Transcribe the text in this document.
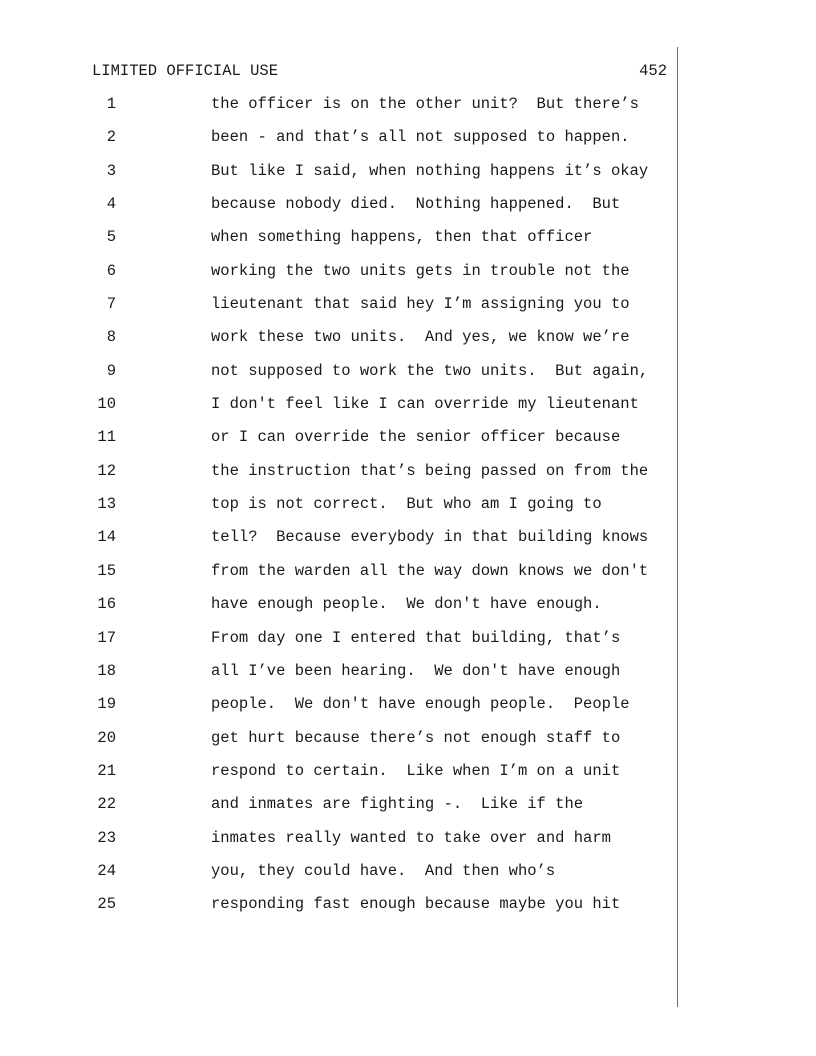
LIMITED OFFICIAL USE	452
1	the officer is on the other unit?  But there’s
2	been - and that’s all not supposed to happen.
3	But like I said, when nothing happens it’s okay
4	because nobody died.  Nothing happened.  But
5	when something happens, then that officer
6	working the two units gets in trouble not the
7	lieutenant that said hey I’m assigning you to
8	work these two units.  And yes, we know we’re
9	not supposed to work the two units.  But again,
10	I don't feel like I can override my lieutenant
11	or I can override the senior officer because
12	the instruction that’s being passed on from the
13	top is not correct.  But who am I going to
14	tell?  Because everybody in that building knows
15	from the warden all the way down knows we don't
16	have enough people.  We don't have enough.
17	From day one I entered that building, that’s
18	all I’ve been hearing.  We don't have enough
19	people.  We don't have enough people.  People
20	get hurt because there’s not enough staff to
21	respond to certain.  Like when I’m on a unit
22	and inmates are fighting -.  Like if the
23	inmates really wanted to take over and harm
24	you, they could have.  And then who’s
25	responding fast enough because maybe you hit
